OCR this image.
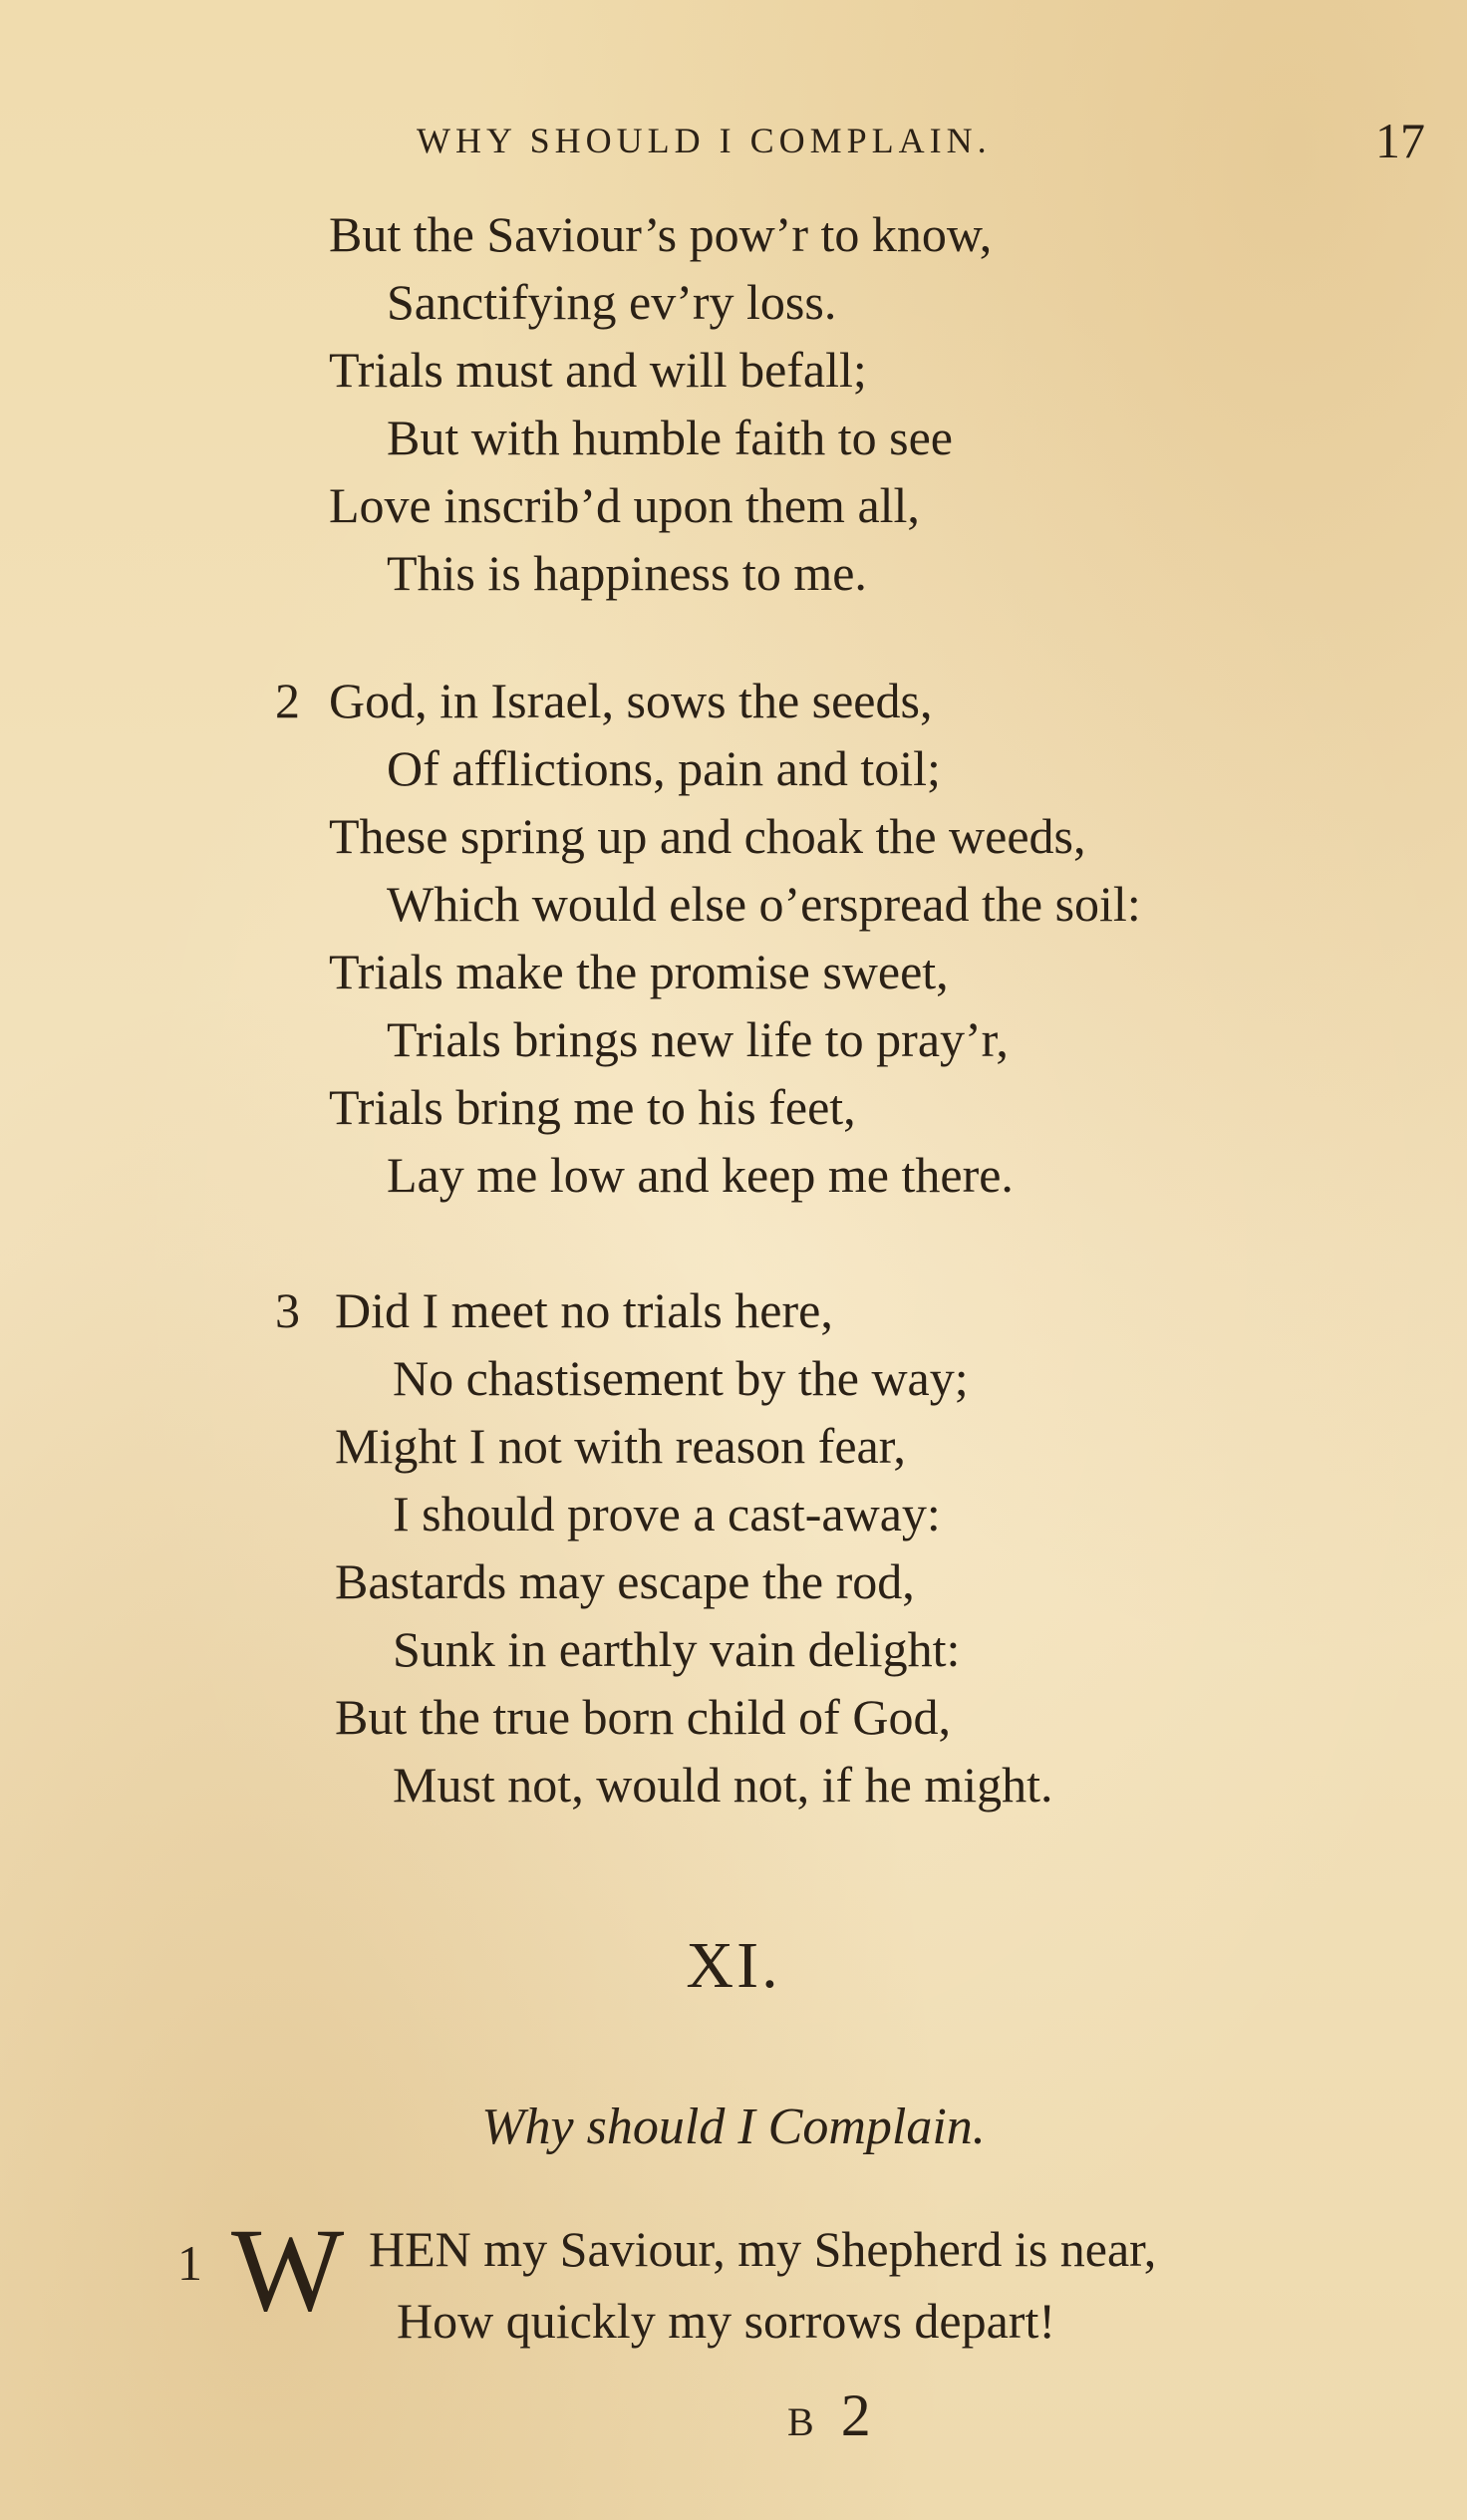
WHY SHOULD I COMPLAIN.	17
But the Saviour’s pow’r to know,
Sanctifying ev’ry loss.
Trials must and will befall;
But with humble faith to see
Love inscrib’d upon them all,
This is happiness to me.
2 God, in Israel, sows the seeds,
Of afflictions, pain and toil;
These spring up and choak the weeds,
Which would else o’erspread the soil:
Trials make the promise sweet,
Trials brings new life to pray’r,
Trials bring me to his feet,
Lay me low and keep me there.
3 Did I meet no trials here,
No chastisement by the way;
Might I not with reason fear,
I should prove a cast-away:
Bastards may escape the rod,
Sunk in earthly vain delight:
But the true born child of God,
Must not, would not, if he might.
XI.
Why should I Complain.
1 W HEN my Saviour, my Shepherd is near,
How quickly my sorrows depart!
B 2
